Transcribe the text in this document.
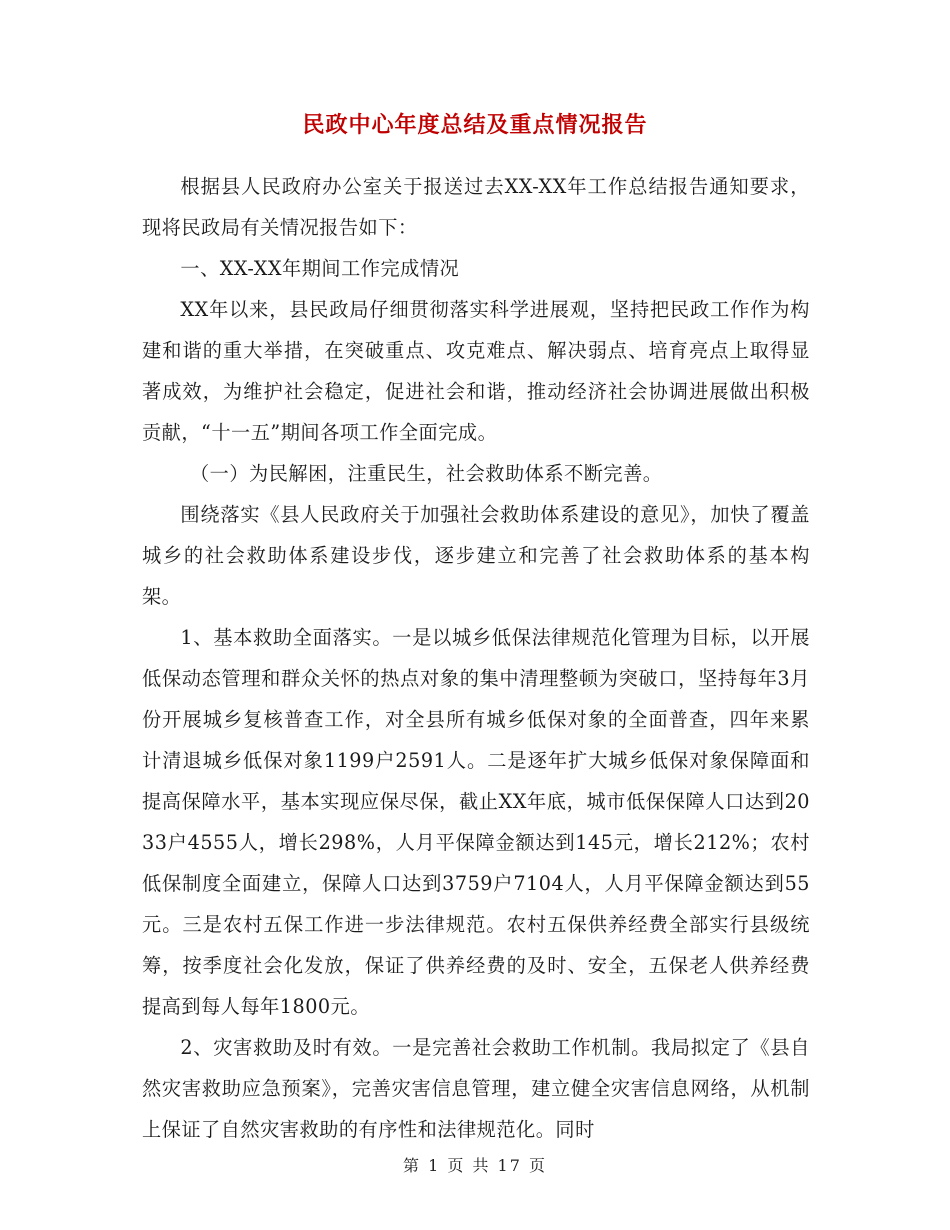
民政中心年度总结及重点情况报告

根据县人民政府办公室关于报送过去XX-XX年工作总结报告通知要求，现将民政局有关情况报告如下：

一、XX-XX年期间工作完成情况

XX年以来，县民政局仔细贯彻落实科学进展观，坚持把民政工作作为构建和谐的重大举措，在突破重点、攻克难点、解决弱点、培育亮点上取得显著成效，为维护社会稳定，促进社会和谐，推动经济社会协调进展做出积极贡献，“十一五”期间各项工作全面完成。

（一）为民解困，注重民生，社会救助体系不断完善。

围绕落实《县人民政府关于加强社会救助体系建设的意见》，加快了覆盖城乡的社会救助体系建设步伐，逐步建立和完善了社会救助体系的基本构架。

1、基本救助全面落实。一是以城乡低保法律规范化管理为目标，以开展低保动态管理和群众关怀的热点对象的集中清理整顿为突破口，坚持每年3月份开展城乡复核普查工作，对全县所有城乡低保对象的全面普查，四年来累计清退城乡低保对象1199户2591人。二是逐年扩大城乡低保对象保障面和提高保障水平，基本实现应保尽保，截止XX年底，城市低保保障人口达到2033户4555人，增长298%，人月平保障金额达到145元，增长212%；农村低保制度全面建立，保障人口达到3759户7104人，人月平保障金额达到55元。三是农村五保工作进一步法律规范。农村五保供养经费全部实行县级统筹，按季度社会化发放，保证了供养经费的及时、安全，五保老人供养经费提高到每人每年1800元。

2、灾害救助及时有效。一是完善社会救助工作机制。我局拟定了《县自然灾害救助应急预案》，完善灾害信息管理，建立健全灾害信息网络，从机制上保证了自然灾害救助的有序性和法律规范化。同时

第 1 页 共 17 页
